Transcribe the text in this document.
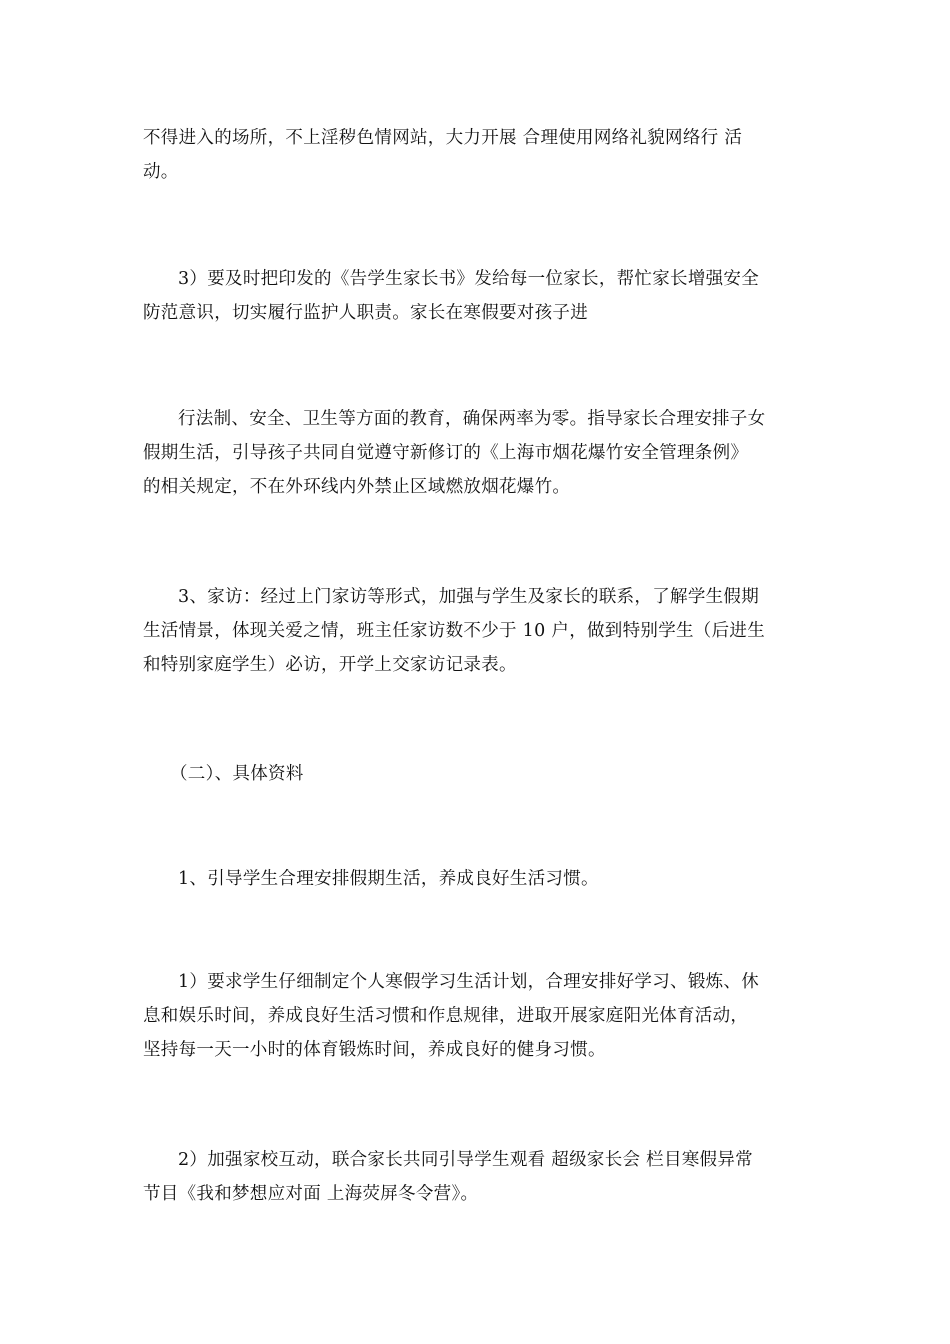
不得进入的场所，不上淫秽色情网站，大力开展 合理使用网络礼貌网络行 活
动。

3）要及时把印发的《告学生家长书》发给每一位家长，帮忙家长增强安全
防范意识，切实履行监护人职责。家长在寒假要对孩子进

行法制、安全、卫生等方面的教育，确保两率为零。指导家长合理安排子女
假期生活，引导孩子共同自觉遵守新修订的《上海市烟花爆竹安全管理条例》
的相关规定，不在外环线内外禁止区域燃放烟花爆竹。

3、家访：经过上门家访等形式，加强与学生及家长的联系，了解学生假期
生活情景，体现关爱之情，班主任家访数不少于 10 户，做到特别学生（后进生
和特别家庭学生）必访，开学上交家访记录表。

（二）、具体资料

1、引导学生合理安排假期生活，养成良好生活习惯。

1）要求学生仔细制定个人寒假学习生活计划，合理安排好学习、锻炼、休
息和娱乐时间，养成良好生活习惯和作息规律，进取开展家庭阳光体育活动，
坚持每一天一小时的体育锻炼时间，养成良好的健身习惯。

2）加强家校互动，联合家长共同引导学生观看 超级家长会 栏目寒假异常
节目《我和梦想应对面 上海荧屏冬令营》。
